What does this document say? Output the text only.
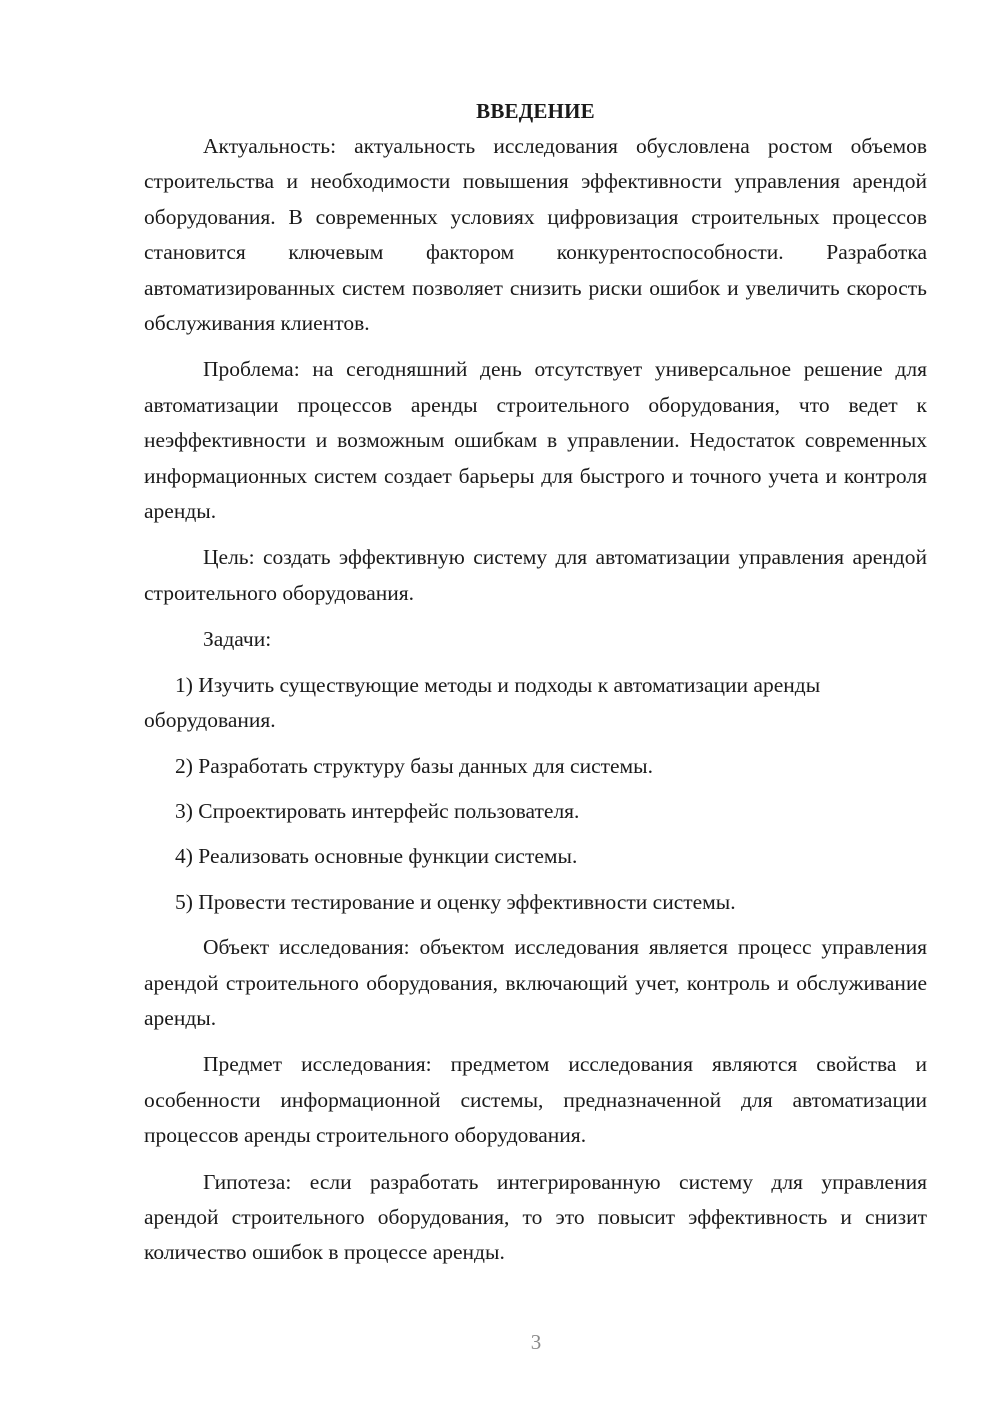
ВВЕДЕНИЕ

Актуальность: актуальность исследования обусловлена ростом объемов строительства и необходимости повышения эффективности управления арендой оборудования. В современных условиях цифровизация строительных процессов становится ключевым фактором конкурентоспособности. Разработка автоматизированных систем позволяет снизить риски ошибок и увеличить скорость обслуживания клиентов.

Проблема: на сегодняшний день отсутствует универсальное решение для автоматизации процессов аренды строительного оборудования, что ведет к неэффективности и возможным ошибкам в управлении. Недостаток современных информационных систем создает барьеры для быстрого и точного учета и контроля аренды.

Цель: создать эффективную систему для автоматизации управления арендой строительного оборудования.

Задачи:

1) Изучить существующие методы и подходы к автоматизации аренды оборудования.
2) Разработать структуру базы данных для системы.
3) Спроектировать интерфейс пользователя.
4) Реализовать основные функции системы.
5) Провести тестирование и оценку эффективности системы.

Объект исследования: объектом исследования является процесс управления арендой строительного оборудования, включающий учет, контроль и обслуживание аренды.

Предмет исследования: предметом исследования являются свойства и особенности информационной системы, предназначенной для автоматизации процессов аренды строительного оборудования.

Гипотеза: если разработать интегрированную систему для управления арендой строительного оборудования, то это повысит эффективность и снизит количество ошибок в процессе аренды.

3
